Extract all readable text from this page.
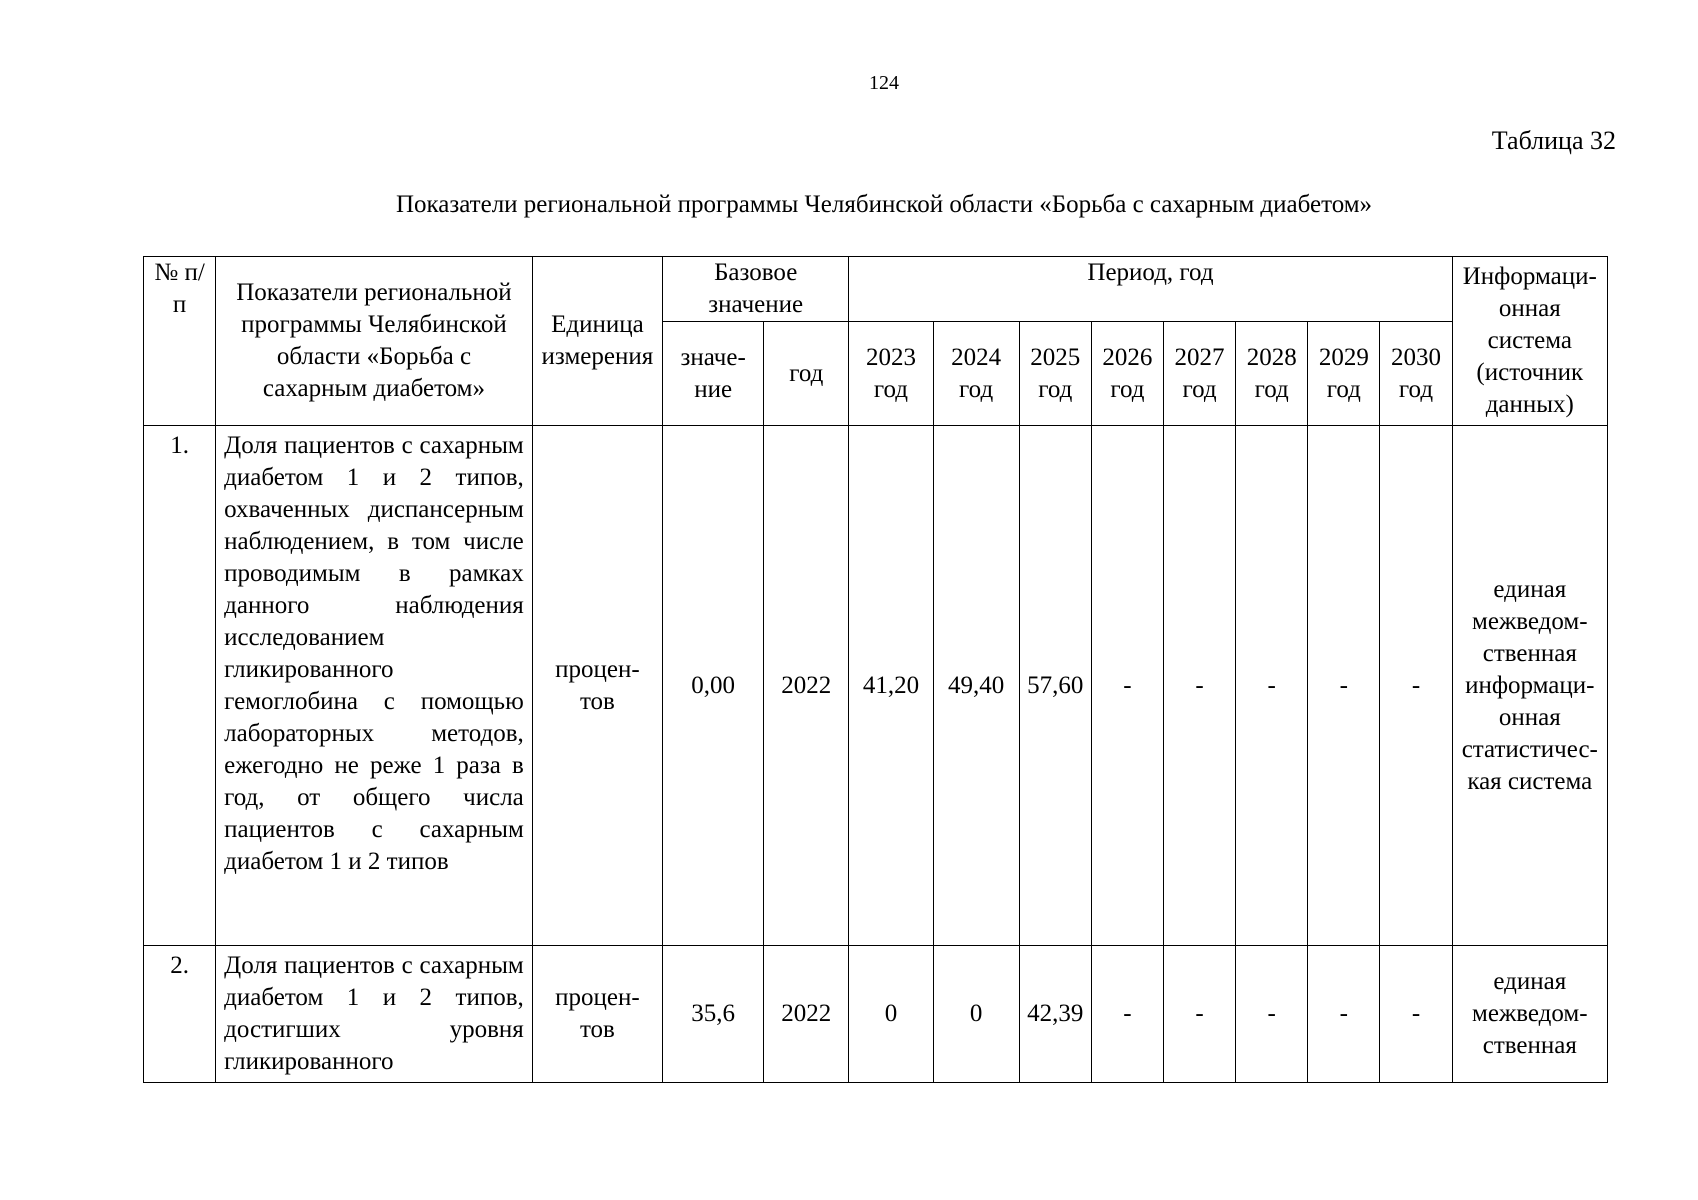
124
Таблица 32
Показатели региональной программы Челябинской области «Борьба с сахарным диабетом»
№ п/п	Показатели региональной программы Челябинской области «Борьба с сахарным диабетом»	Единица измерения	Базовое значение		Период, год								Информаци-онная система (источник данных)
			значе-ние	год	2023 год	2024 год	2025 год	2026 год	2027 год	2028 год	2029 год	2030 год	
1.	Доля пациентов с сахарным диабетом 1 и 2 типов, охваченных диспансерным наблюдением, в том числе проводимым в рамках данного наблюдения исследованием гликированного гемоглобина с помощью лабораторных методов, ежегодно не реже 1 раза в год, от общего числа пациентов с сахарным диабетом 1 и 2 типов	процен-тов	0,00	2022	41,20	49,40	57,60	-	-	-	-	-	единая межведом-ственная информаци-онная статистичес-кая система
2.	Доля пациентов с сахарным диабетом 1 и 2 типов, достигших уровня гликированного	процен-тов	35,6	2022	0	0	42,39	-	-	-	-	-	единая межведом-ственная
